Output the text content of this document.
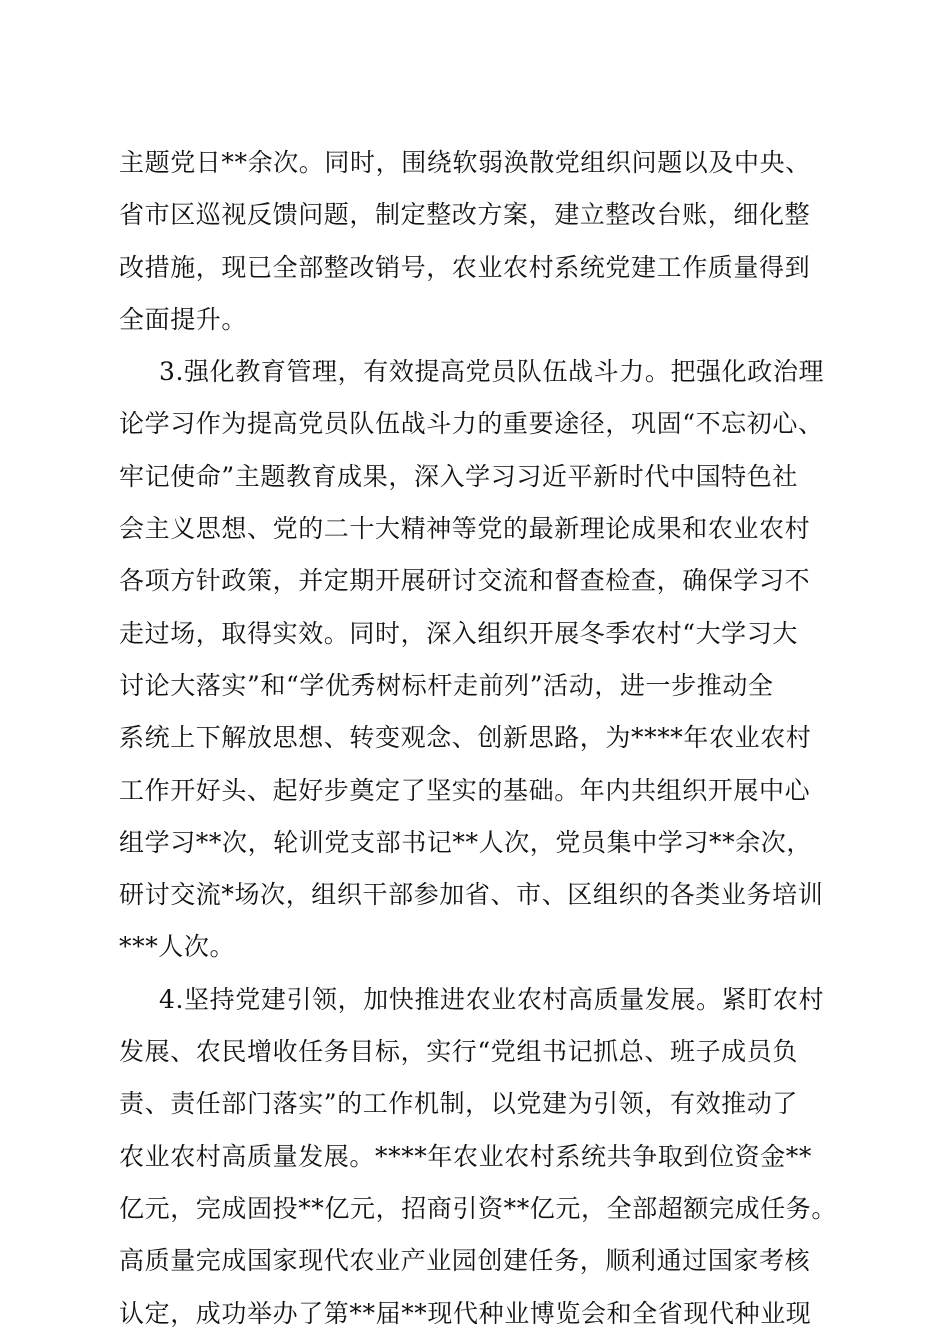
主题党日**余次。同时，围绕软弱涣散党组织问题以及中央、
省市区巡视反馈问题，制定整改方案，建立整改台账，细化整
改措施，现已全部整改销号，农业农村系统党建工作质量得到
全面提升。
3.强化教育管理，有效提高党员队伍战斗力。把强化政治理
论学习作为提高党员队伍战斗力的重要途径，巩固“不忘初心、
牢记使命”主题教育成果，深入学习习近平新时代中国特色社
会主义思想、党的二十大精神等党的最新理论成果和农业农村
各项方针政策，并定期开展研讨交流和督查检查，确保学习不
走过场，取得实效。同时，深入组织开展冬季农村“大学习大
讨论大落实”和“学优秀树标杆走前列”活动，进一步推动全
系统上下解放思想、转变观念、创新思路，为****年农业农村
工作开好头、起好步奠定了坚实的基础。年内共组织开展中心
组学习**次，轮训党支部书记**人次，党员集中学习**余次，
研讨交流*场次，组织干部参加省、市、区组织的各类业务培训
***人次。
4.坚持党建引领，加快推进农业农村高质量发展。紧盯农村
发展、农民增收任务目标，实行“党组书记抓总、班子成员负
责、责任部门落实”的工作机制，以党建为引领，有效推动了
农业农村高质量发展。****年农业农村系统共争取到位资金**
亿元，完成固投**亿元，招商引资**亿元，全部超额完成任务。
高质量完成国家现代农业产业园创建任务，顺利通过国家考核
认定，成功举办了第**届**现代种业博览会和全省现代种业现
